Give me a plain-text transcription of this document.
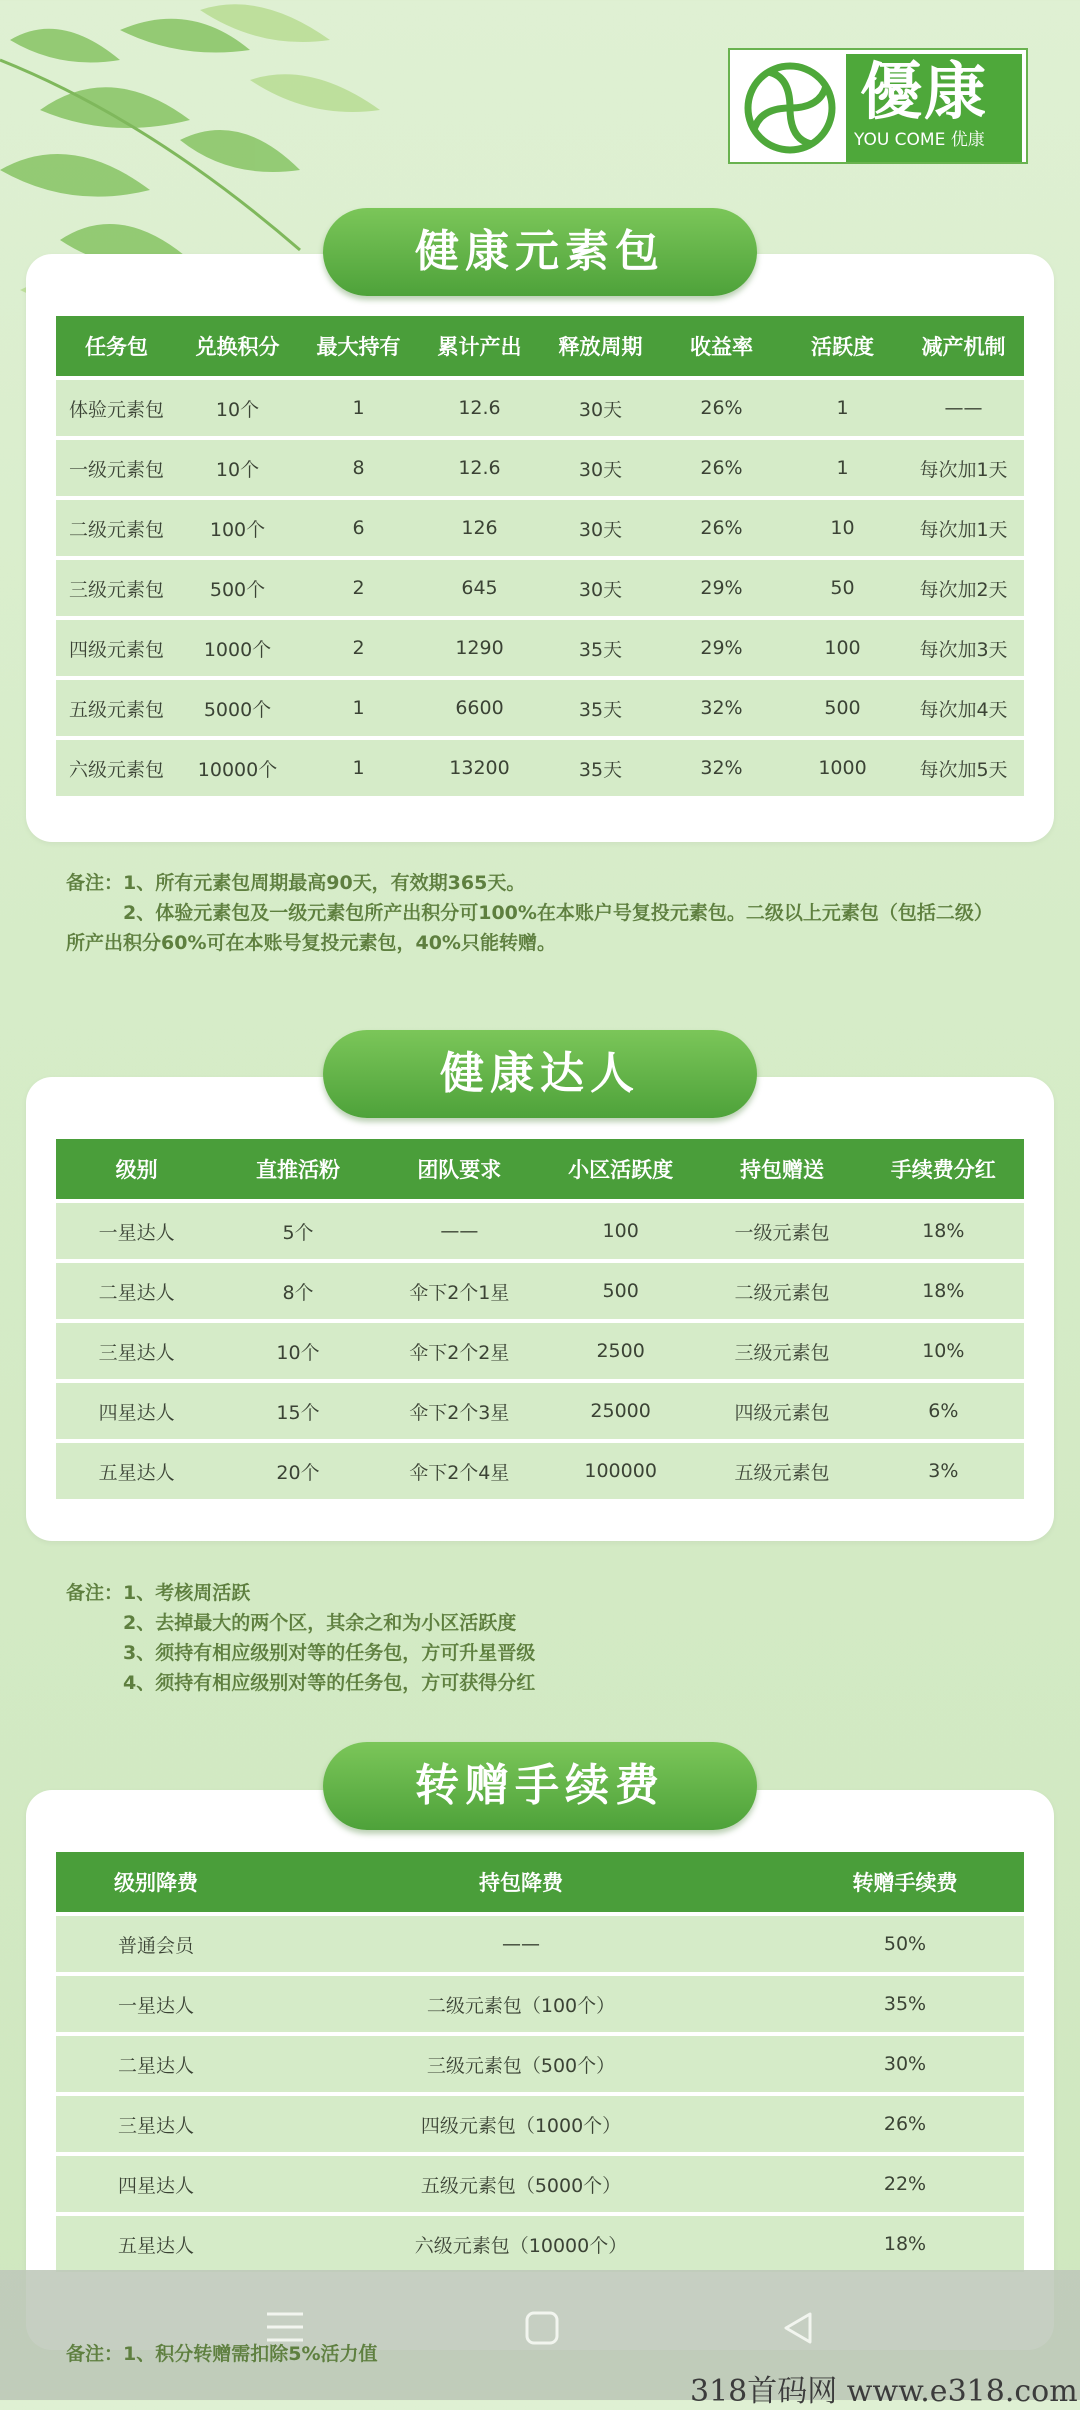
優康
YOU COME 优康
任务包	兑换积分	最大持有	累计产出	释放周期	收益率	活跃度	减产机制
体验元素包	10个	1	12.6	30天	26%	1	——
一级元素包	10个	8	12.6	30天	26%	1	每次加1天
二级元素包	100个	6	126	30天	26%	10	每次加1天
三级元素包	500个	2	645	30天	29%	50	每次加2天
四级元素包	1000个	2	1290	35天	29%	100	每次加3天
五级元素包	5000个	1	6600	35天	32%	500	每次加4天
六级元素包	10000个	1	13200	35天	32%	1000	每次加5天
健康元素包
备注：1、所有元素包周期最高90天，有效期365天。
　　　2、体验元素包及一级元素包所产出积分可100%在本账户号复投元素包。二级以上元素包（包括二级）
所产出积分60%可在本账号复投元素包，40%只能转赠。
级别	直推活粉	团队要求	小区活跃度	持包赠送	手续费分红
一星达人	5个	——	100	一级元素包	18%
二星达人	8个	伞下2个1星	500	二级元素包	18%
三星达人	10个	伞下2个2星	2500	三级元素包	10%
四星达人	15个	伞下2个3星	25000	四级元素包	6%
五星达人	20个	伞下2个4星	100000	五级元素包	3%
健康达人
备注：1、考核周活跃
　　　2、去掉最大的两个区，其余之和为小区活跃度
　　　3、须持有相应级别对等的任务包，方可升星晋级
　　　4、须持有相应级别对等的任务包，方可获得分红
级别降费	持包降费	转赠手续费
普通会员	——	50%
一星达人	二级元素包（100个）	35%
二星达人	三级元素包（500个）	30%
三星达人	四级元素包（1000个）	26%
四星达人	五级元素包（5000个）	22%
五星达人	六级元素包（10000个）	18%
转赠手续费
备注：1、积分转赠需扣除5%活力值
318首码网 www.e318.com
